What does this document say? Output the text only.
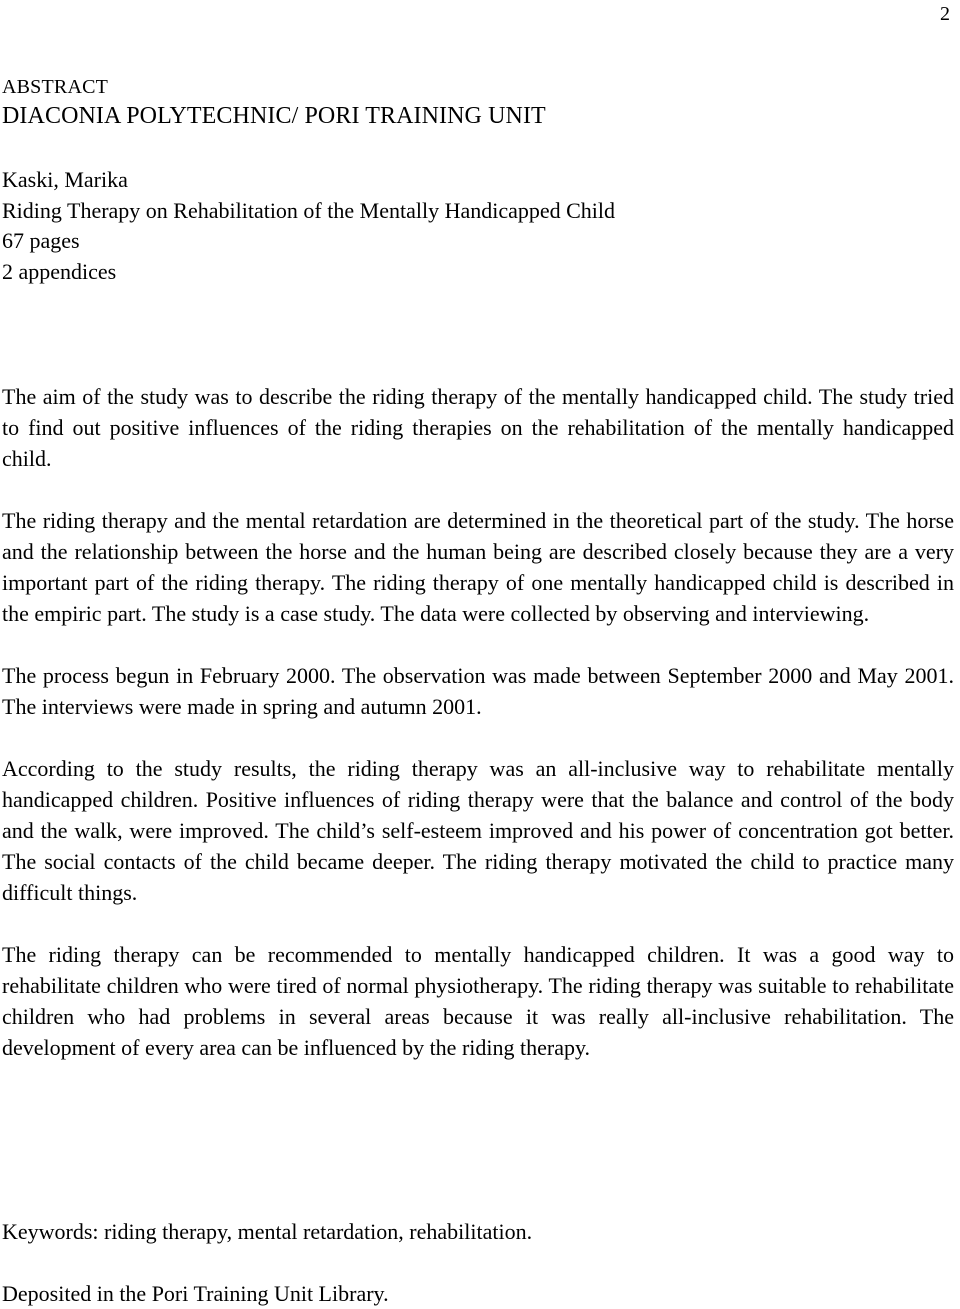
2
ABSTRACT
DIACONIA POLYTECHNIC/ PORI TRAINING UNIT
Kaski, Marika
Riding Therapy on Rehabilitation of the Mentally Handicapped Child
67 pages
2 appendices

The aim of the study was to describe the riding therapy of the mentally handicapped child. The study tried to find out positive influences of the riding therapies on the rehabilitation of the mentally handicapped child.

The riding therapy and the mental retardation are determined in the theoretical part of the study. The horse and the relationship between the horse and the human being are described closely because they are a very important part of the riding therapy. The riding therapy of one mentally handicapped child is described in the empiric part. The study is a case study. The data were collected by observing and interviewing.

The process begun in February 2000. The observation was made between September 2000 and May 2001. The interviews were made in spring and autumn 2001.

According to the study results, the riding therapy was an all-inclusive way to rehabilitate mentally handicapped children. Positive influences of riding therapy were that the balance and control of the body and the walk, were improved. The child’s self-esteem improved and his power of concentration got better. The social contacts of the child became deeper. The riding therapy motivated the child to practice many difficult things.

The riding therapy can be recommended to mentally handicapped children. It was a good way to rehabilitate children who were tired of normal physiotherapy. The riding therapy was suitable to rehabilitate children who had problems in several areas because it was really all-inclusive rehabilitation. The development of every area can be influenced by the riding therapy.

Keywords: riding therapy, mental retardation, rehabilitation.
Deposited in the Pori Training Unit Library.
